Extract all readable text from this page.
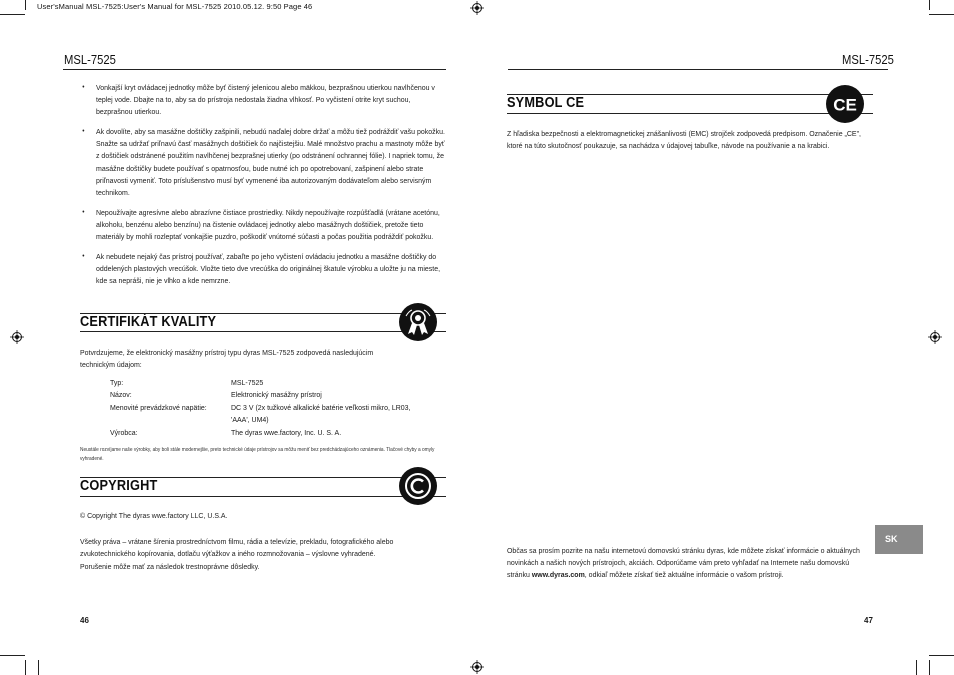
User'sManual MSL-7525:User's Manual for MSL-7525 2010.05.12. 9:50 Page 46
MSL-7525
• Vonkajší kryt ovládacej jednotky môže byť čistený jelenicou alebo mäkkou, bezprašnou utierkou navlhčenou v teplej vode. Dbajte na to, aby sa do prístroja nedostala žiadna vlhkosť. Po vyčistení otrite kryt suchou, bezprašnou utierkou.
• Ak dovolíte, aby sa masážne doštičky zašpinili, nebudú naďalej dobre držať a môžu tiež podráždiť vašu pokožku. Snažte sa udržať priľnavú časť masážnych doštičiek čo najčistejšiu. Malé množstvo prachu a mastnoty môže byť z doštičiek odstránené použitím navlhčenej bezprašnej utierky (po odstránení ochrannej fólie). I napriek tomu, že masážne doštičky budete používať s opatrnosťou, bude nutné ich po opotrebovaní, zašpinení alebo strate priľnavosti vymeniť. Toto príslušenstvo musí byť vymenené iba autorizovaným dodávateľom alebo servisným technikom.
• Nepoužívajte agresívne alebo abrazívne čistiace prostriedky. Nikdy nepoužívajte rozpúšťadlá (vrátane acetónu, alkoholu, benzénu alebo benzínu) na čistenie ovládacej jednotky alebo masážnych doštičiek, pretože tieto materiály by mohli rozleptať vonkajšie puzdro, poškodiť vnútorné súčasti a počas použitia podráždiť pokožku.
• Ak nebudete nejaký čas prístroj používať, zabaľte po jeho vyčistení ovládaciu jednotku a masážne doštičky do oddelených plastových vrecúšok. Vložte tieto dve vrecúška do originálnej škatule výrobku a uložte ju na mieste, kde sa nepráši, nie je vlhko a kde nemrzne.
CERTIFIKÁT KVALITY
Potvrdzujeme, že elektronický masážny prístroj typu dyras MSL-7525 zodpovedá nasledujúcim technickým údajom:
Typ:	MSL-7525
Názov:	Elektronický masážny prístroj
Menovité prevádzkové napätie:	DC 3 V (2x tužkové alkalické batérie veľkosti mikro, LR03,
'AAA', UM4)
Výrobca:	The dyras wwe.factory, Inc. U. S. A.
Neustále rozvíjame naše výrobky, aby boli stále modernejšie, preto technické údaje prístrojov sa môžu meniť bez predchádzajúceho oznámenia. Tlačové chyby a omyly vyhradené.
COPYRIGHT
© Copyright The dyras wwe.factory LLC, U.S.A.
Všetky práva – vrátane šírenia prostredníctvom filmu, rádia a televízie, prekladu, fotografického alebo zvukotechnického kopírovania, dotlaču výťažkov a iného rozmnožovania – výslovne vyhradené.
Porušenie môže mať za následok trestnoprávne dôsledky.
46
MSL-7525
SYMBOL CE	CE
Z hľadiska bezpečnosti a elektromagnetickej znášanlivosti (EMC) strojček zodpovedá predpisom. Označenie „CE", ktoré na túto skutočnosť poukazuje, sa nachádza v údajovej tabuľke, návode na používanie a na krabici.
Občas sa prosím pozrite na našu internetovú domovskú stránku dyras, kde môžete získať informácie o aktuálnych novinkách a našich nových prístrojoch, akciách. Odporúčame vám preto vyhľadať na Internete našu domovskú stránku www.dyras.com, odkiaľ môžete získať tiež aktuálne informácie o vašom prístroji.
SK
47
